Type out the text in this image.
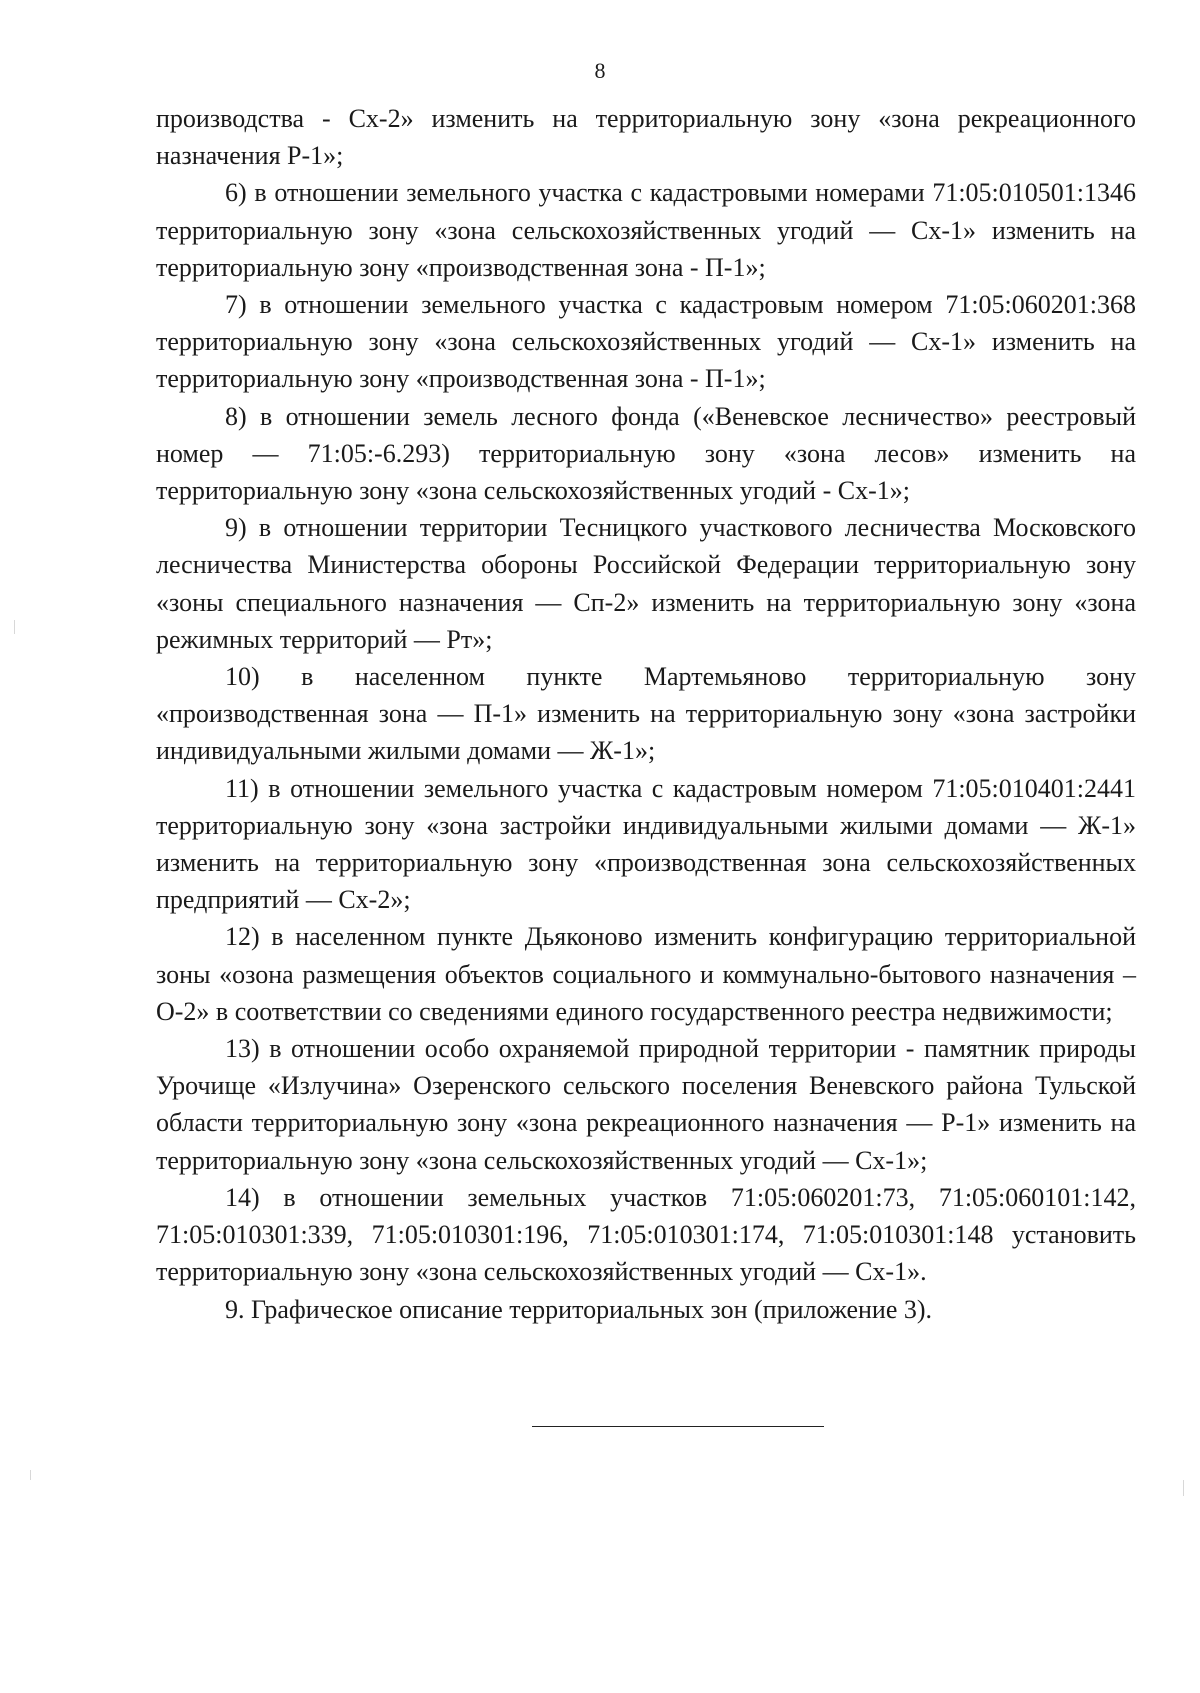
8

производства - Сх-2» изменить на территориальную зону «зона рекреационного назначения Р-1»;

6) в отношении земельного участка с кадастровыми номерами 71:05:010501:1346 территориальную зону «зона сельскохозяйственных угодий — Сх-1» изменить на территориальную зону «производственная зона - П-1»;

7) в отношении земельного участка с кадастровым номером 71:05:060201:368 территориальную зону «зона сельскохозяйственных угодий — Сх-1» изменить на территориальную зону «производственная зона - П-1»;

8) в отношении земель лесного фонда («Веневское лесничество» реестровый номер — 71:05:-6.293) территориальную зону «зона лесов» изменить на территориальную зону «зона сельскохозяйственных угодий - Сх-1»;

9) в отношении территории Тесницкого участкового лесничества Московского лесничества Министерства обороны Российской Федерации территориальную зону «зоны специального назначения — Сп-2» изменить на территориальную зону «зона режимных территорий — Рт»;

10) в населенном пункте Мартемьяново территориальную зону «производственная зона — П-1» изменить на территориальную зону «зона застройки индивидуальными жилыми домами — Ж-1»;

11) в отношении земельного участка с кадастровым номером 71:05:010401:2441 территориальную зону «зона застройки индивидуальными жилыми домами — Ж-1» изменить на территориальную зону «производственная зона сельскохозяйственных предприятий — Сх-2»;

12) в населенном пункте Дьяконово изменить конфигурацию территориальной зоны «озона размещения объектов социального и коммунально-бытового назначения – О-2» в соответствии со сведениями единого государственного реестра недвижимости;

13) в отношении особо охраняемой природной территории - памятник природы Урочище «Излучина» Озеренского сельского поселения Веневского района Тульской области территориальную зону «зона рекреационного назначения — Р-1» изменить на территориальную зону «зона сельскохозяйственных угодий — Сх-1»;

14) в отношении земельных участков 71:05:060201:73, 71:05:060101:142, 71:05:010301:339, 71:05:010301:196, 71:05:010301:174, 71:05:010301:148 установить территориальную зону «зона сельскохозяйственных угодий — Сх-1».

9. Графическое описание территориальных зон (приложение 3).
